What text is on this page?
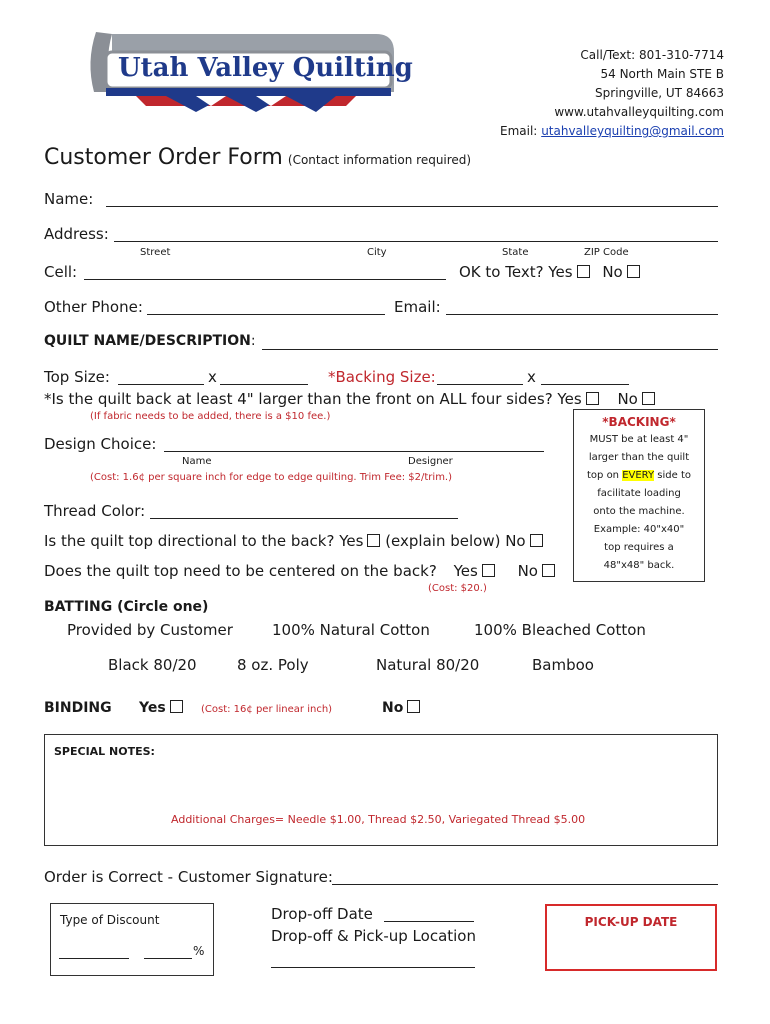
Utah Valley Quilting	Call/Text: 801-310-7714
54 North Main STE B
Springville, UT 84663
www.utahvalleyquilting.com
Email: utahvalleyquilting@gmail.com
Customer Order Form (Contact information required)
Name:
Address:
Street	City	State	ZIP Code
Cell:	OK to Text? Yes No
Other Phone:	Email:
QUILT NAME/DESCRIPTION:
Top Size:	x	*Backing Size:	x
*Is the quilt back at least 4" larger than the front on ALL four sides? Yes No
(If fabric needs to be added, there is a $10 fee.)	*BACKING*
MUST be at least 4"
larger than the quilt
top on EVERY side to
facilitate loading
onto the machine.
Example: 40"x40"
top requires a
48"x48" back.
Design Choice:
Name	Designer
(Cost: 1.6¢ per square inch for edge to edge quilting. Trim Fee: $2/trim.)
Thread Color:
Is the quilt top directional to the back? Yes (explain below) No
Does the quilt top need to be centered on the back? Yes	No
(Cost: $20.)
BATTING (Circle one)
Provided by Customer	100% Natural Cotton	100% Bleached Cotton
Black 80/20	8 oz. Poly	Natural 80/20	Bamboo
BINDING Yes	(Cost: 16¢ per linear inch)	No
SPECIAL NOTES:
Additional Charges= Needle $1.00, Thread $2.50, Variegated Thread $5.00
Order is Correct - Customer Signature:
Type of Discount
%
Drop-off Date
Drop-off & Pick-up Location
PICK-UP DATE
